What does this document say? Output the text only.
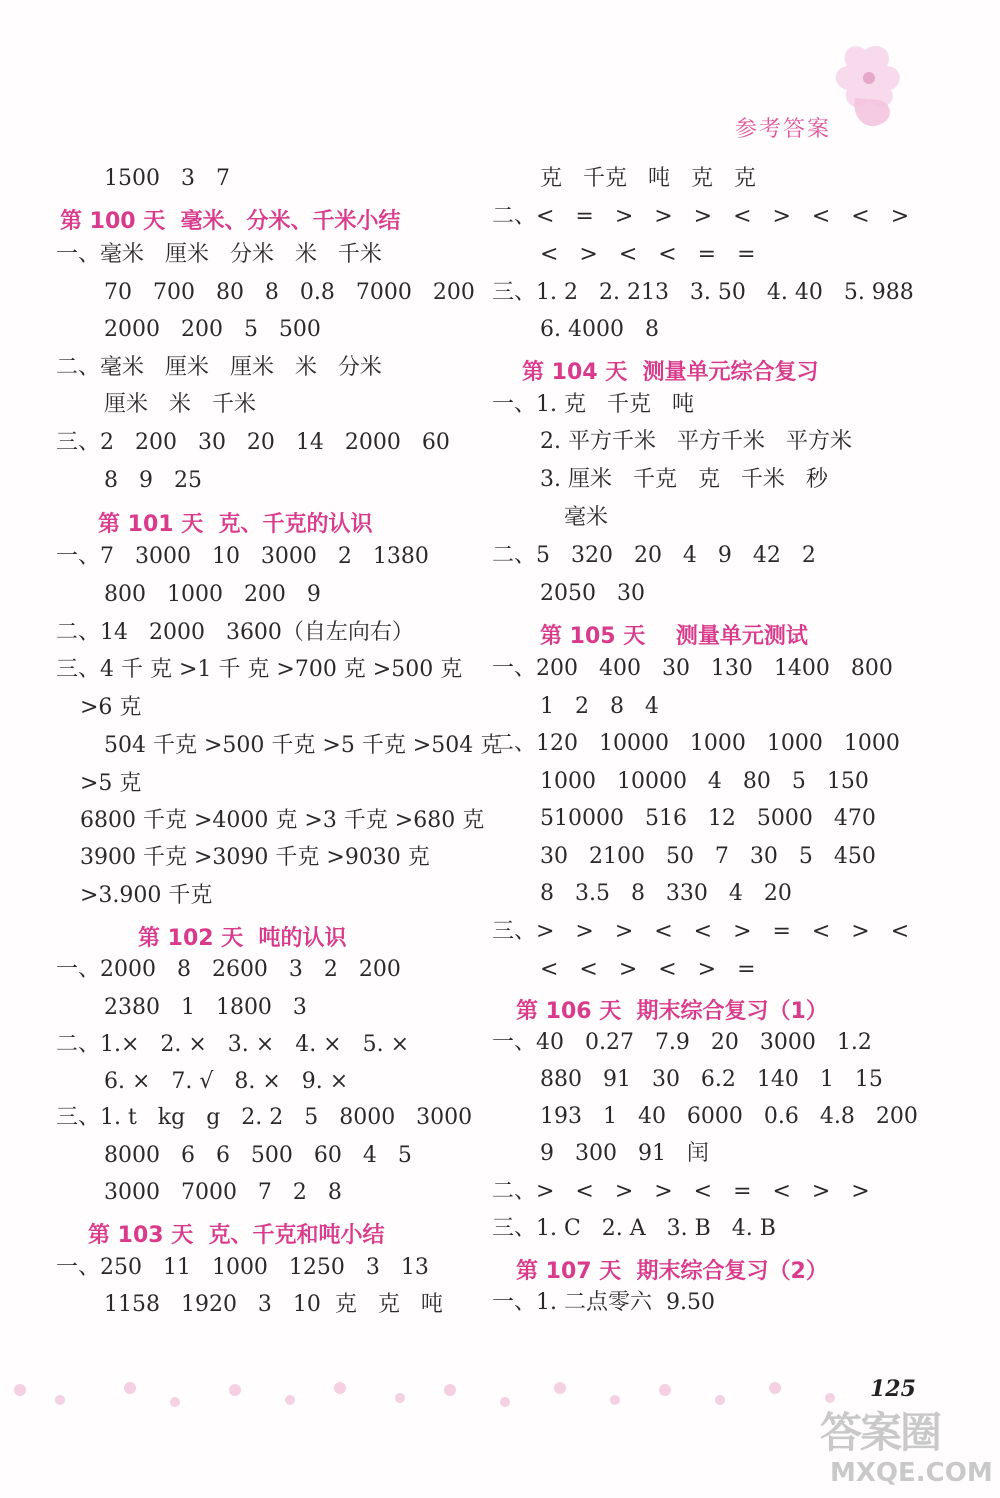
参考答案
1500   3   7
第 100 天  毫米、分米、千米小结
一、毫米   厘米   分米   米   千米
70   700   80   8   0.8   7000   200
2000   200   5   500
二、毫米   厘米   厘米   米   分米
厘米   米   千米
三、2   200   30   20   14   2000   60
8   9   25
第 101 天  克、千克的认识
一、7   3000   10   3000   2   1380
800   1000   200   9
二、14   2000   3600（自左向右）
三、4 千 克 >1 千 克 >700 克 >500 克
>6 克
504 千克 >500 千克 >5 千克 >504 克
>5 克
6800 千克 >4000 克 >3 千克 >680 克
3900 千克 >3090 千克 >9030 克
>3.900 千克
第 102 天  吨的认识
一、2000   8   2600   3   2   200
2380   1   1800   3
二、1.×   2. ×   3. ×   4. ×   5. ×
6. ×   7. √   8. ×   9. ×
三、1. t   kg   g   2. 2   5   8000   3000
8000   6   6   500   60   4   5
3000   7000   7   2   8
第 103 天  克、千克和吨小结
一、250   11   1000   1250   3   13
1158   1920   3   10  克   克   吨
克   千克   吨   克   克
二、<   =   >   >   >   <   >   <   <   >
<   >   <   <   =   =
三、1. 2   2. 213   3. 50   4. 40   5. 988
6. 4000   8
第 104 天  测量单元综合复习
一、1. 克   千克   吨
2. 平方千米   平方千米   平方米
3. 厘米   千克   克   千米   秒
毫米
二、5   320   20   4   9   42   2
2050   30
第 105 天    测量单元测试
一、200   400   30   130   1400   800
1   2   8   4
二、120   10000   1000   1000   1000
1000   10000   4   80   5   150
510000   516   12   5000   470
30   2100   50   7   30   5   450
8   3.5   8   330   4   20
三、>   >   >   <   <   >   =   <   >   <
<   <   >   <   >   =
第 106 天  期末综合复习（1）
一、40   0.27   7.9   20   3000   1.2
880   91   30   6.2   140   1   15
193   1   40   6000   0.6   4.8   200
9   300   91   闰
二、>   <   >   >   <   =   <   >   >
三、1. C   2. A   3. B   4. B
第 107 天  期末综合复习（2）
一、1. 二点零六  9.50
125
答案圈
MXQE.COM
